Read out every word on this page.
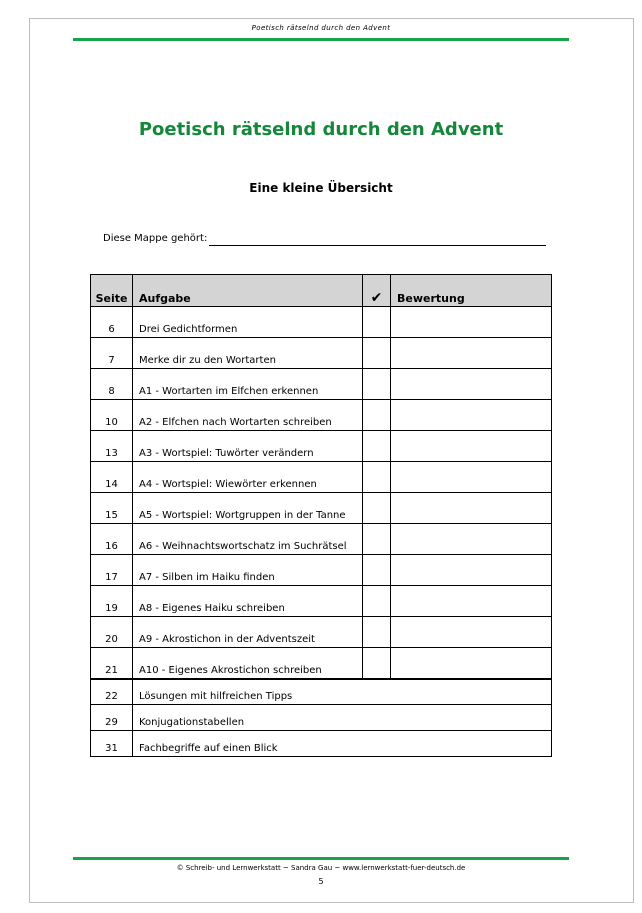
Poetisch rätselnd durch den Advent
Poetisch rätselnd durch den Advent
Eine kleine Übersicht
Diese Mappe gehört:
Seite	Aufgabe	✔	Bewertung
6	Drei Gedichtformen		
7	Merke dir zu den Wortarten		
8	A1 - Wortarten im Elfchen erkennen		
10	A2 - Elfchen nach Wortarten schreiben		
13	A3 - Wortspiel: Tuwörter verändern		
14	A4 - Wortspiel: Wiewörter erkennen		
15	A5 - Wortspiel: Wortgruppen in der Tanne		
16	A6 - Weihnachtswortschatz im Suchrätsel		
17	A7 - Silben im Haiku finden		
19	A8 - Eigenes Haiku schreiben		
20	A9 - Akrostichon in der Adventszeit		
21	A10 - Eigenes Akrostichon schreiben		
22	Lösungen mit hilfreichen Tipps		
29	Konjugationstabellen		
31	Fachbegriffe auf einen Blick		
© Schreib- und Lernwerkstatt ~ Sandra Gau ~ www.lernwerkstatt-fuer-deutsch.de
5
